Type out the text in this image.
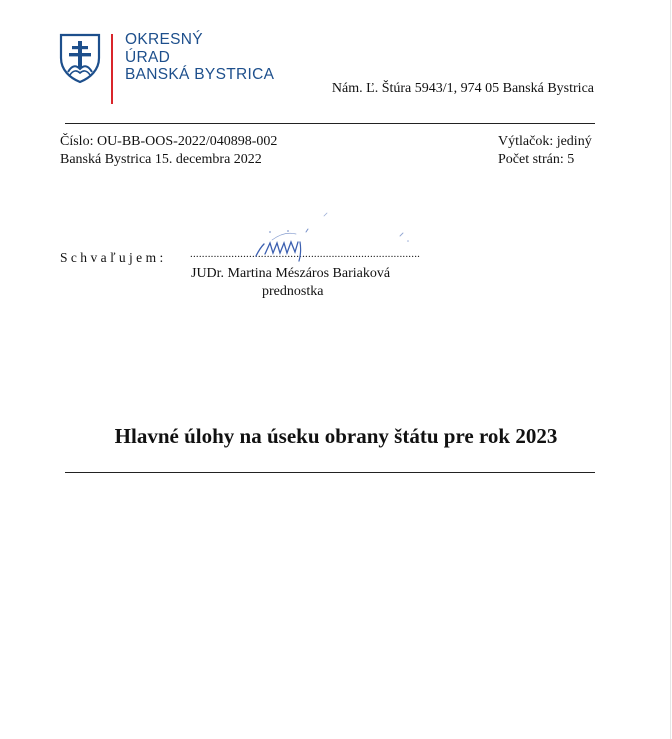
OKRESNÝ
ÚRAD
BANSKÁ BYSTRICA
Nám. Ľ. Štúra 5943/1, 974 05 Banská Bystrica
Číslo: OU-BB-OOS-2022/040898-002
Banská Bystrica 15. decembra 2022
Výtlačok: jediný
Počet strán: 5
Schvaľujem: ..............................................................................
JUDr. Martina Mészáros Bariaková
prednostka
Hlavné úlohy na úseku obrany štátu pre rok 2023
